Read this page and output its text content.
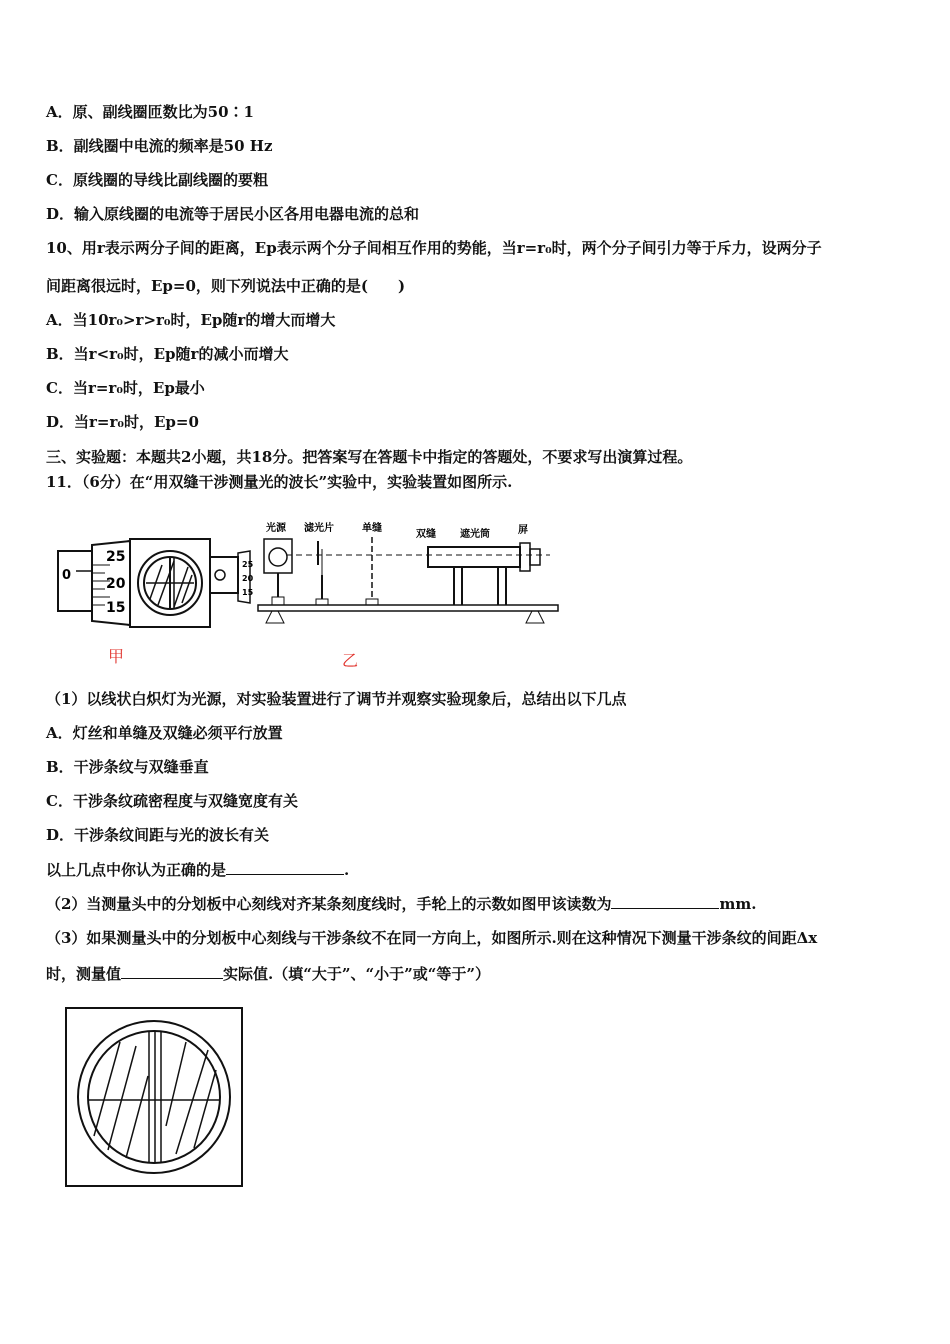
A．原、副线圈匝数比为50∶1
B．副线圈中电流的频率是50 Hz
C．原线圈的导线比副线圈的要粗
D．输入原线圈的电流等于居民小区各用电器电流的总和
10、用r表示两分子间的距离，Ep表示两个分子间相互作用的势能，当r=r₀时，两个分子间引力等于斥力，设两分子
间距离很远时，Ep=0，则下列说法中正确的是(　　)
A．当10r₀>r>r₀时，Ep随r的增大而增大
B．当r<r₀时，Ep随r的减小而增大
C．当r=r₀时，Ep最小
D．当r=r₀时，Ep=0
三、实验题：本题共2小题，共18分。把答案写在答题卡中指定的答题处，不要求写出演算过程。
11．（6分）在“用双缝干涉测量光的波长”实验中，实验装置如图所示.
0
25
20
15
25
20
15
光源 滤光片	单缝
双缝 遮光筒	屏
甲	乙
（1）以线状白炽灯为光源，对实验装置进行了调节并观察实验现象后，总结出以下几点
A．灯丝和单缝及双缝必须平行放置
B．干涉条纹与双缝垂直
C．干涉条纹疏密程度与双缝宽度有关
D．干涉条纹间距与光的波长有关
以上几点中你认为正确的是	.
（2）当测量头中的分划板中心刻线对齐某条刻度线时，手轮上的示数如图甲该读数为	mm.
（3）如果测量头中的分划板中心刻线与干涉条纹不在同一方向上，如图所示.则在这种情况下测量干涉条纹的间距Δx
时，测量值	实际值.（填“大于”、“小于”或“等于”）
